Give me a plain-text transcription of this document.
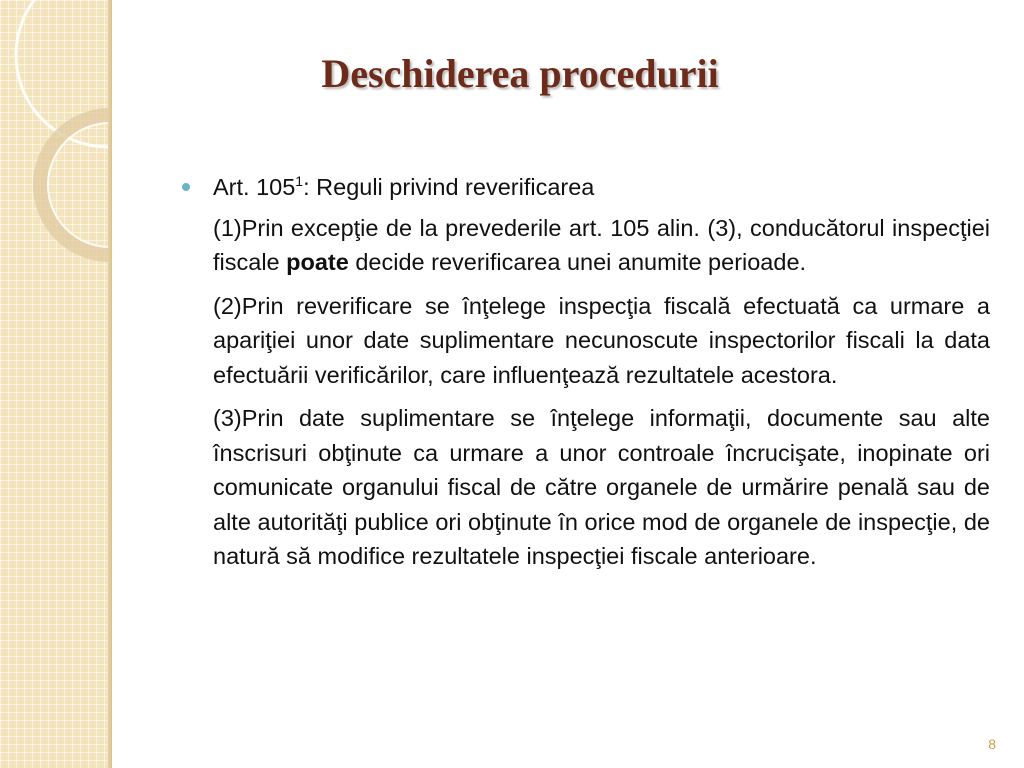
Deschiderea procedurii
Art. 105$^1$: Reguli privind reverificarea

(1)Prin excepţie de la prevederile art. 105 alin. (3), conducătorul inspecţiei fiscale poate decide reverificarea unei anumite perioade.

(2)Prin reverificare se înţelege inspecţia fiscală efectuată ca urmare a apariţiei unor date suplimentare necunoscute inspectorilor fiscali la data efectuării verificărilor, care influenţează rezultatele acestora.

(3)Prin date suplimentare se înţelege informaţii, documente sau alte înscrisuri obţinute ca urmare a unor controale încrucişate, inopinate ori comunicate organului fiscal de către organele de urmărire penală sau de alte autorităţi publice ori obţinute în orice mod de organele de inspecţie, de natură să modifice rezultatele inspecţiei fiscale anterioare.

8
